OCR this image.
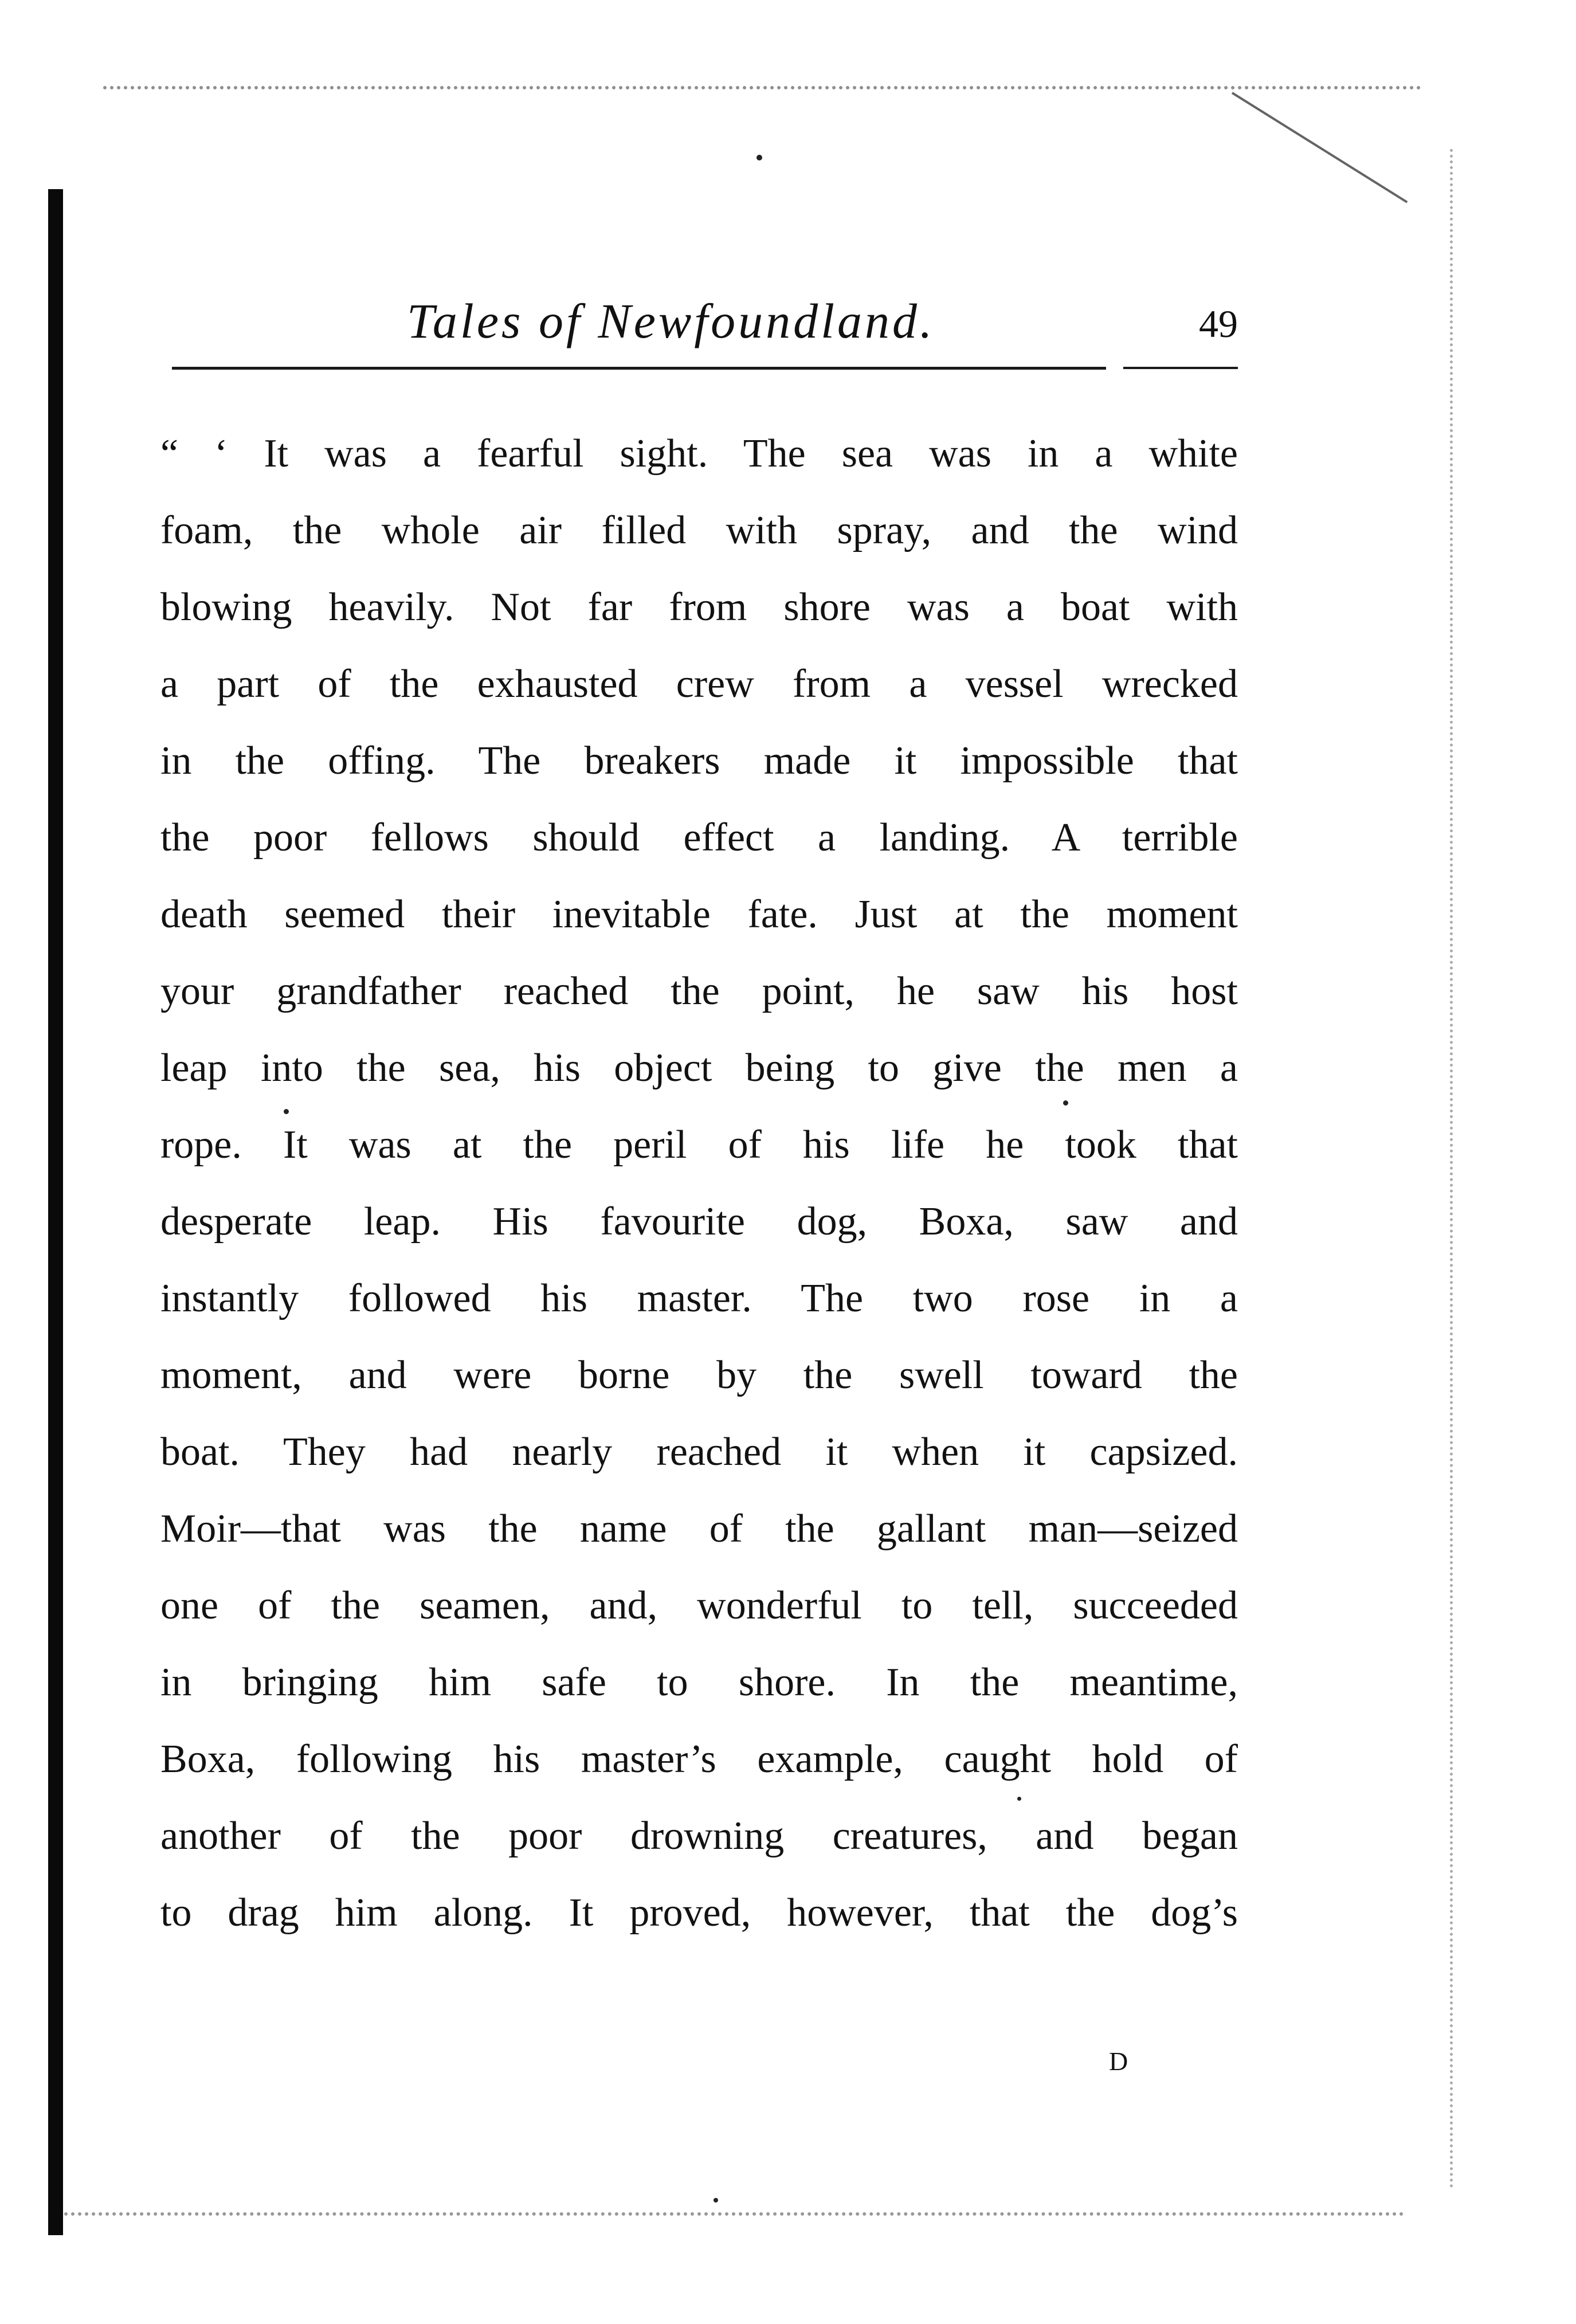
Tales of Newfoundland.	49
“ ‘ It was a fearful sight. The sea was in a white
foam, the whole air filled with spray, and the wind
blowing heavily. Not far from shore was a boat with
a part of the exhausted crew from a vessel wrecked
in the offing. The breakers made it impossible that
the poor fellows should effect a landing. A terrible
death seemed their inevitable fate. Just at the moment
your grandfather reached the point, he saw his host
leap into the sea, his object being to give the men a
rope. It was at the peril of his life he took that
desperate leap. His favourite dog, Boxa, saw and
instantly followed his master. The two rose in a
moment, and were borne by the swell toward the
boat. They had nearly reached it when it capsized.
Moir—that was the name of the gallant man—seized
one of the seamen, and, wonderful to tell, succeeded
in bringing him safe to shore. In the meantime,
Boxa, following his master’s example, caught hold of
another of the poor drowning creatures, and began
to drag him along. It proved, however, that the dog’s
D
